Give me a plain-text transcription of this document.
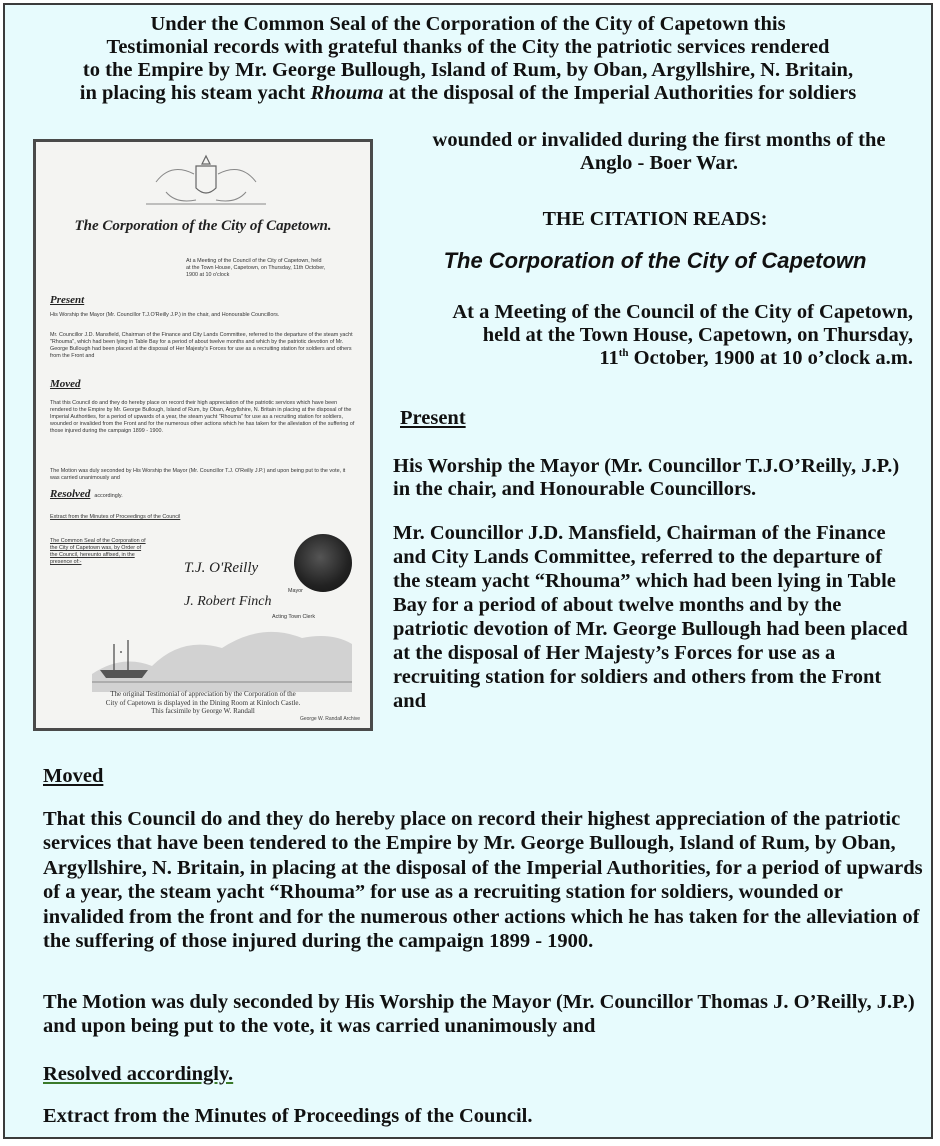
Under the Common Seal of the Corporation of the City of Capetown this
Testimonial records with grateful thanks of the City the patriotic services rendered
to the Empire by Mr. George Bullough, Island of Rum, by Oban, Argyllshire, N. Britain,
in placing his steam yacht Rhouma at the disposal of the Imperial Authorities for soldiers
wounded or invalided during the first months of the
Anglo - Boer War.
The Corporation of the City of Capetown.
At a Meeting of the Council of the City of Capetown, held at the Town House, Capetown, on Thursday, 11th October, 1900 at 10 o'clock
Present
His Worship the Mayor (Mr. Councillor T.J.O'Reilly J.P.) in the chair, and Honourable Councillors.
Mr. Councillor J.D. Mansfield, Chairman of the Finance and City Lands Committee, referred to the departure of the steam yacht "Rhouma", which had been lying in Table Bay for a period of about twelve months and which by the patriotic devotion of Mr. George Bullough had been placed at the disposal of Her Majesty's Forces for use as a recruiting station for soldiers and others from the Front and
Moved
That this Council do and they do hereby place on record their high appreciation of the patriotic services which have been rendered to the Empire by Mr. George Bullough, Island of Rum, by Oban, Argyllshire, N. Britain in placing at the disposal of the Imperial Authorities, for a period of upwards of a year, the steam yacht "Rhouma" for use as a recruiting station for soldiers, wounded or invalided from the Front and for the numerous other actions which he has taken for the alleviation of the suffering of those injured during the campaign 1899 - 1900.
The Motion was duly seconded by His Worship the Mayor (Mr. Councillor T.J. O'Reilly J.P.) and upon being put to the vote, it was carried unanimously and
Resolved accordingly.
Extract from the Minutes of Proceedings of the Council
The Common Seal of the Corporation of the City of Capetown was, by Order of the Council, hereunto affixed, in the presence of:-	T.J. O'Reilly
Mayor
J. Robert Finch
Acting Town Clerk
The original Testimonial of appreciation by the Corporation of the
City of Capetown is displayed in the Dining Room at Kinloch Castle.
This facsimile by George W. Randall
George W. Randall Archive
THE CITATION READS:
The Corporation of the City of Capetown
At a Meeting of the Council of the City of Capetown,
held at the Town House, Capetown, on Thursday,
11th October, 1900 at 10 o’clock a.m.
Present
His Worship the Mayor (Mr. Councillor T.J.O’Reilly, J.P.) in the chair, and Honourable Councillors.
Mr. Councillor J.D. Mansfield, Chairman of the Finance and City Lands Committee, referred to the departure of the steam yacht “Rhouma” which had been lying in Table Bay for a period of about twelve months and by the patriotic devotion of Mr. George Bullough had been placed at the disposal of Her Majesty’s Forces for use as a recruiting station for soldiers and others from the Front and
Moved
That this Council do and they do hereby place on record their highest appreciation of the patriotic services that have been tendered to the Empire by Mr. George Bullough, Island of Rum, by Oban, Argyllshire, N. Britain, in placing at the disposal of the Imperial Authorities, for a period of upwards of a year, the steam yacht “Rhouma” for use as a recruiting station for soldiers, wounded or invalided from the front and for the numerous other actions which he has taken for the alleviation of the suffering of those injured during the campaign 1899 - 1900.
The Motion was duly seconded by His Worship the Mayor (Mr. Councillor Thomas J. O’Reilly, J.P.) and upon being put to the vote, it was carried unanimously and
Resolved accordingly.
Extract from the Minutes of Proceedings of the Council.
